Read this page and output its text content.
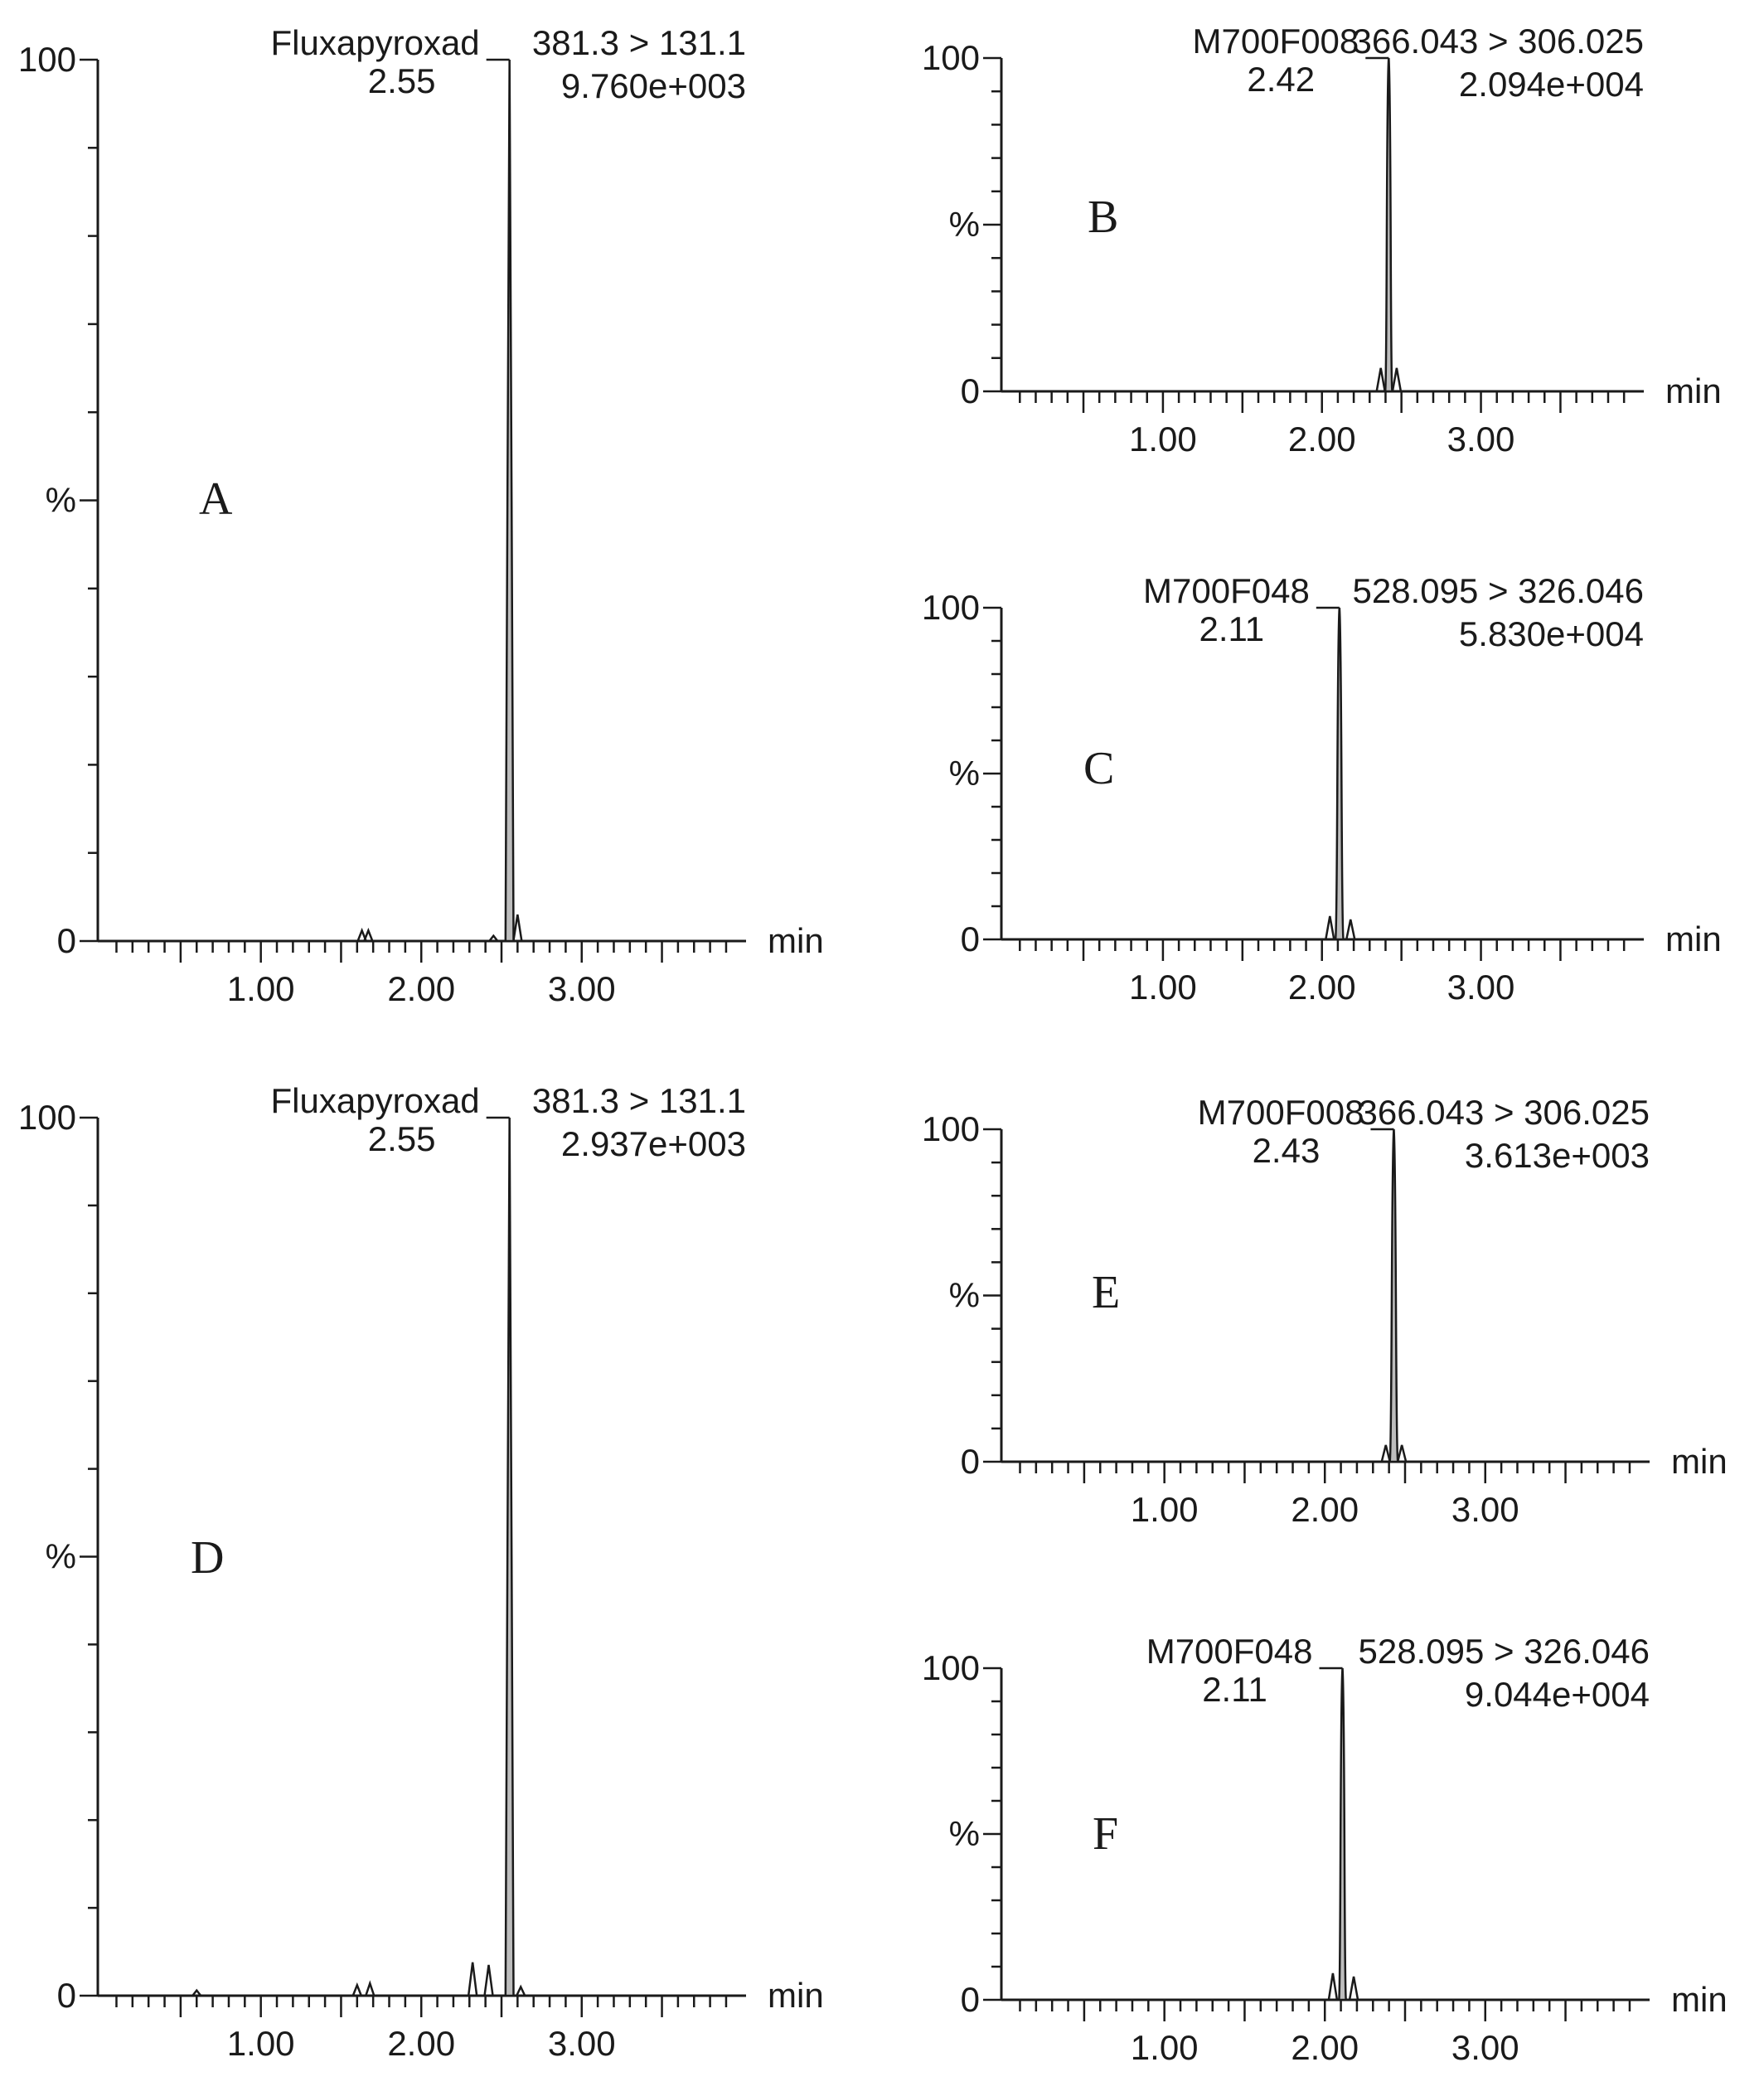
100
%
0
1.00	2.00	3.00
min
Fluxapyroxad
2.55
381.3 > 131.1
9.760e+003
A
100
%
0
1.00	2.00	3.00
min
M700F008
2.42
366.043 > 306.025
2.094e+004
B
100
%
0
1.00	2.00	3.00
min
M700F048
2.11
528.095 > 326.046
5.830e+004
C
100
%
0
1.00	2.00	3.00
min
Fluxapyroxad
2.55
381.3 > 131.1
2.937e+003
D
100
%
0
1.00	2.00	3.00
min
M700F008
2.43
366.043 > 306.025
3.613e+003
E
100
%
0
1.00	2.00	3.00
min
M700F048
2.11
528.095 > 326.046
9.044e+004
F
